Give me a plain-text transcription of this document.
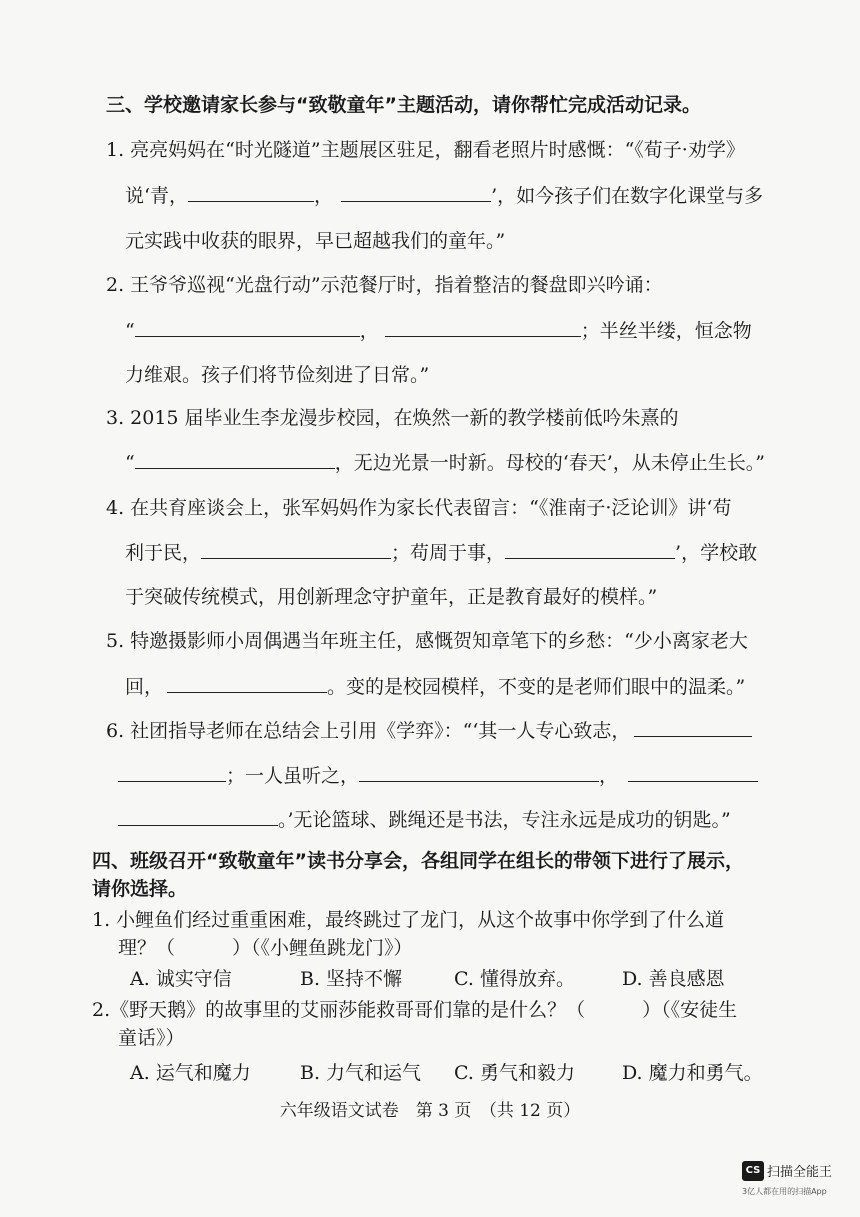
三、学校邀请家长参与“致敬童年”主题活动，请你帮忙完成活动记录。
1. 亮亮妈妈在“时光隧道”主题展区驻足，翻看老照片时感慨：“《荀子·劝学》
说‘青，	，	’，如今孩子们在数字化课堂与多
元实践中收获的眼界，早已超越我们的童年。”
2. 王爷爷巡视“光盘行动”示范餐厅时，指着整洁的餐盘即兴吟诵：
“	，	；半丝半缕，恒念物
力维艰。孩子们将节俭刻进了日常。”
3. 2015 届毕业生李龙漫步校园，在焕然一新的教学楼前低吟朱熹的
“	，无边光景一时新。母校的‘春天’，从未停止生长。”
4. 在共育座谈会上，张军妈妈作为家长代表留言：“《淮南子·泛论训》讲‘苟
利于民，	；苟周于事，	’，学校敢
于突破传统模式，用创新理念守护童年，正是教育最好的模样。”
5. 特邀摄影师小周偶遇当年班主任，感慨贺知章笔下的乡愁：“少小离家老大
回，	。变的是校园模样，不变的是老师们眼中的温柔。”
6. 社团指导老师在总结会上引用《学弈》：“‘其一人专心致志，
；一人虽听之，	，
。’无论篮球、跳绳还是书法，专注永远是成功的钥匙。”
四、班级召开“致敬童年”读书分享会，各组同学在组长的带领下进行了展示，
请你选择。
1. 小鲤鱼们经过重重困难，最终跳过了龙门，从这个故事中你学到了什么道
理？（　　　）（《小鲤鱼跳龙门》）
A. 诚实守信	B. 坚持不懈	C. 懂得放弃。 D. 善良感恩
2.《野天鹅》的故事里的艾丽莎能救哥哥们靠的是什么？（　　　）（《安徒生
童话》）
A. 运气和魔力	B. 力气和运气 C. 勇气和毅力 D. 魔力和勇气。
六年级语文试卷　第 3 页　（共 12 页）
CS 扫描全能王
3亿人都在用的扫描App
